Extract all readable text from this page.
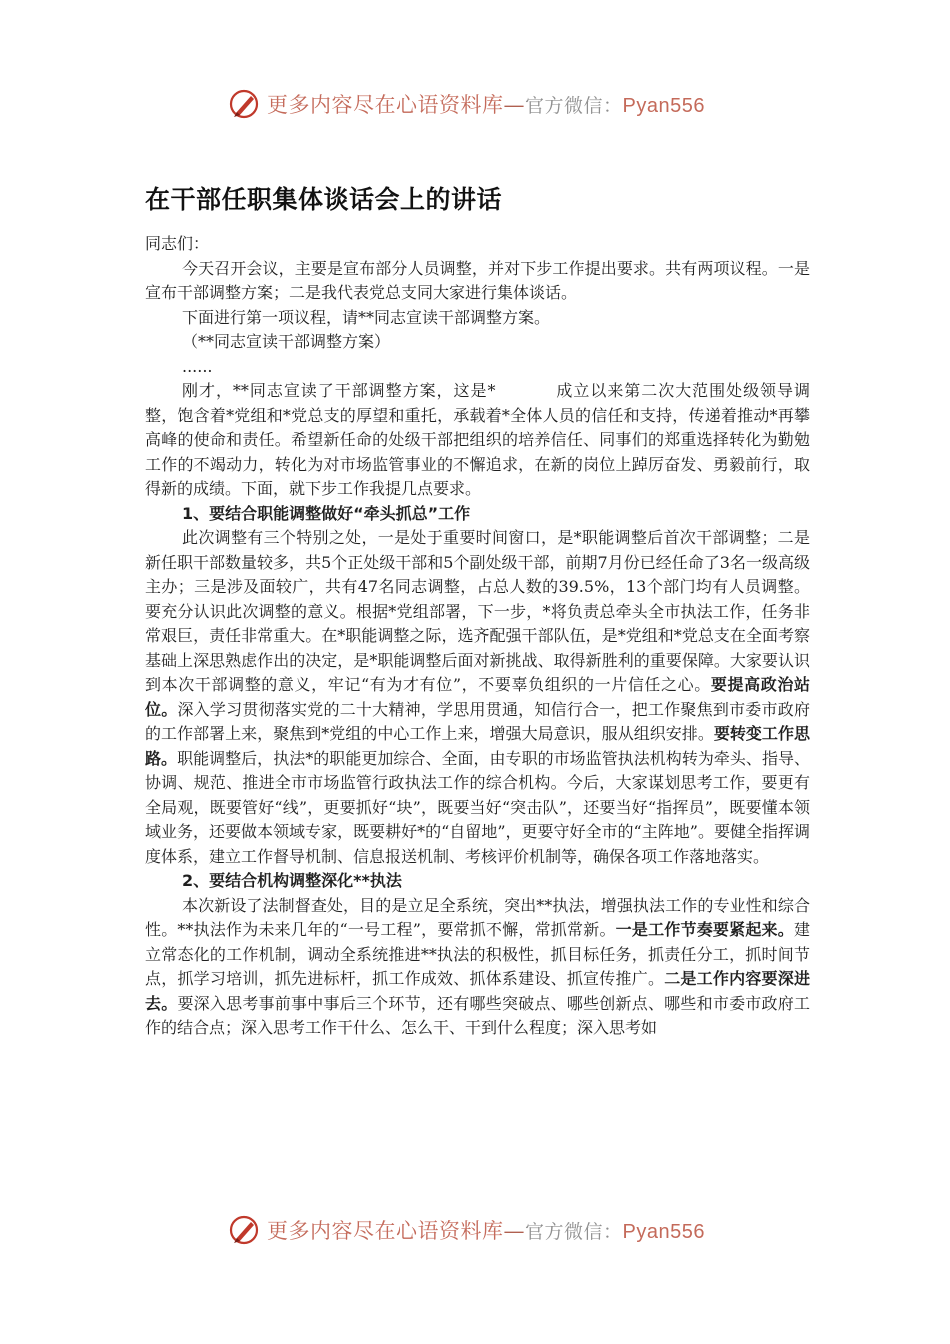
更多内容尽在心语资料库—官方微信：Pyan556
在干部任职集体谈话会上的讲话

同志们：

今天召开会议，主要是宣布部分人员调整，并对下步工作提出要求。共有两项议程。一是宣布干部调整方案；二是我代表党总支同大家进行集体谈话。

下面进行第一项议程，请**同志宣读干部调整方案。

（**同志宣读干部调整方案）

......

刚才，**同志宣读了干部调整方案，这是*	成立以来第二次大范围处级领导调整，饱含着*党组和*党总支的厚望和重托，承载着*全体人员的信任和支持，传递着推动*再攀高峰的使命和责任。希望新任命的处级干部把组织的培养信任、同事们的郑重选择转化为勤勉工作的不竭动力，转化为对市场监管事业的不懈追求，在新的岗位上踔厉奋发、勇毅前行，取得新的成绩。下面，就下步工作我提几点要求。

1、要结合职能调整做好“牵头抓总”工作

此次调整有三个特别之处，一是处于重要时间窗口，是*职能调整后首次干部调整；二是新任职干部数量较多，共5个正处级干部和5个副处级干部，前期7月份已经任命了3名一级高级主办；三是涉及面较广，共有47名同志调整，占总人数的39.5%，13个部门均有人员调整。要充分认识此次调整的意义。根据*党组部署，下一步，*将负责总牵头全市执法工作，任务非常艰巨，责任非常重大。在*职能调整之际，选齐配强干部队伍，是*党组和*党总支在全面考察基础上深思熟虑作出的决定，是*职能调整后面对新挑战、取得新胜利的重要保障。大家要认识到本次干部调整的意义，牢记“有为才有位”，不要辜负组织的一片信任之心。要提高政治站位。深入学习贯彻落实党的二十大精神，学思用贯通，知信行合一，把工作聚焦到市委市政府的工作部署上来，聚焦到*党组的中心工作上来，增强大局意识，服从组织安排。要转变工作思路。职能调整后，执法*的职能更加综合、全面，由专职的市场监管执法机构转为牵头、指导、协调、规范、推进全市市场监管行政执法工作的综合机构。今后，大家谋划思考工作，要更有全局观，既要管好“线”，更要抓好“块”，既要当好“突击队”，还要当好“指挥员”，既要懂本领域业务，还要做本领域专家，既要耕好*的“自留地”，更要守好全市的“主阵地”。要健全指挥调度体系，建立工作督导机制、信息报送机制、考核评价机制等，确保各项工作落地落实。

2、要结合机构调整深化**执法

本次新设了法制督查处，目的是立足全系统，突出**执法，增强执法工作的专业性和综合性。**执法作为未来几年的“一号工程”，要常抓不懈，常抓常新。一是工作节奏要紧起来。建立常态化的工作机制，调动全系统推进**执法的积极性，抓目标任务，抓责任分工，抓时间节点，抓学习培训，抓先进标杆，抓工作成效、抓体系建设、抓宣传推广。二是工作内容要深进去。要深入思考事前事中事后三个环节，还有哪些突破点、哪些创新点、哪些和市委市政府工作的结合点；深入思考工作干什么、怎么干、干到什么程度；深入思考如

更多内容尽在心语资料库—官方微信：Pyan556
